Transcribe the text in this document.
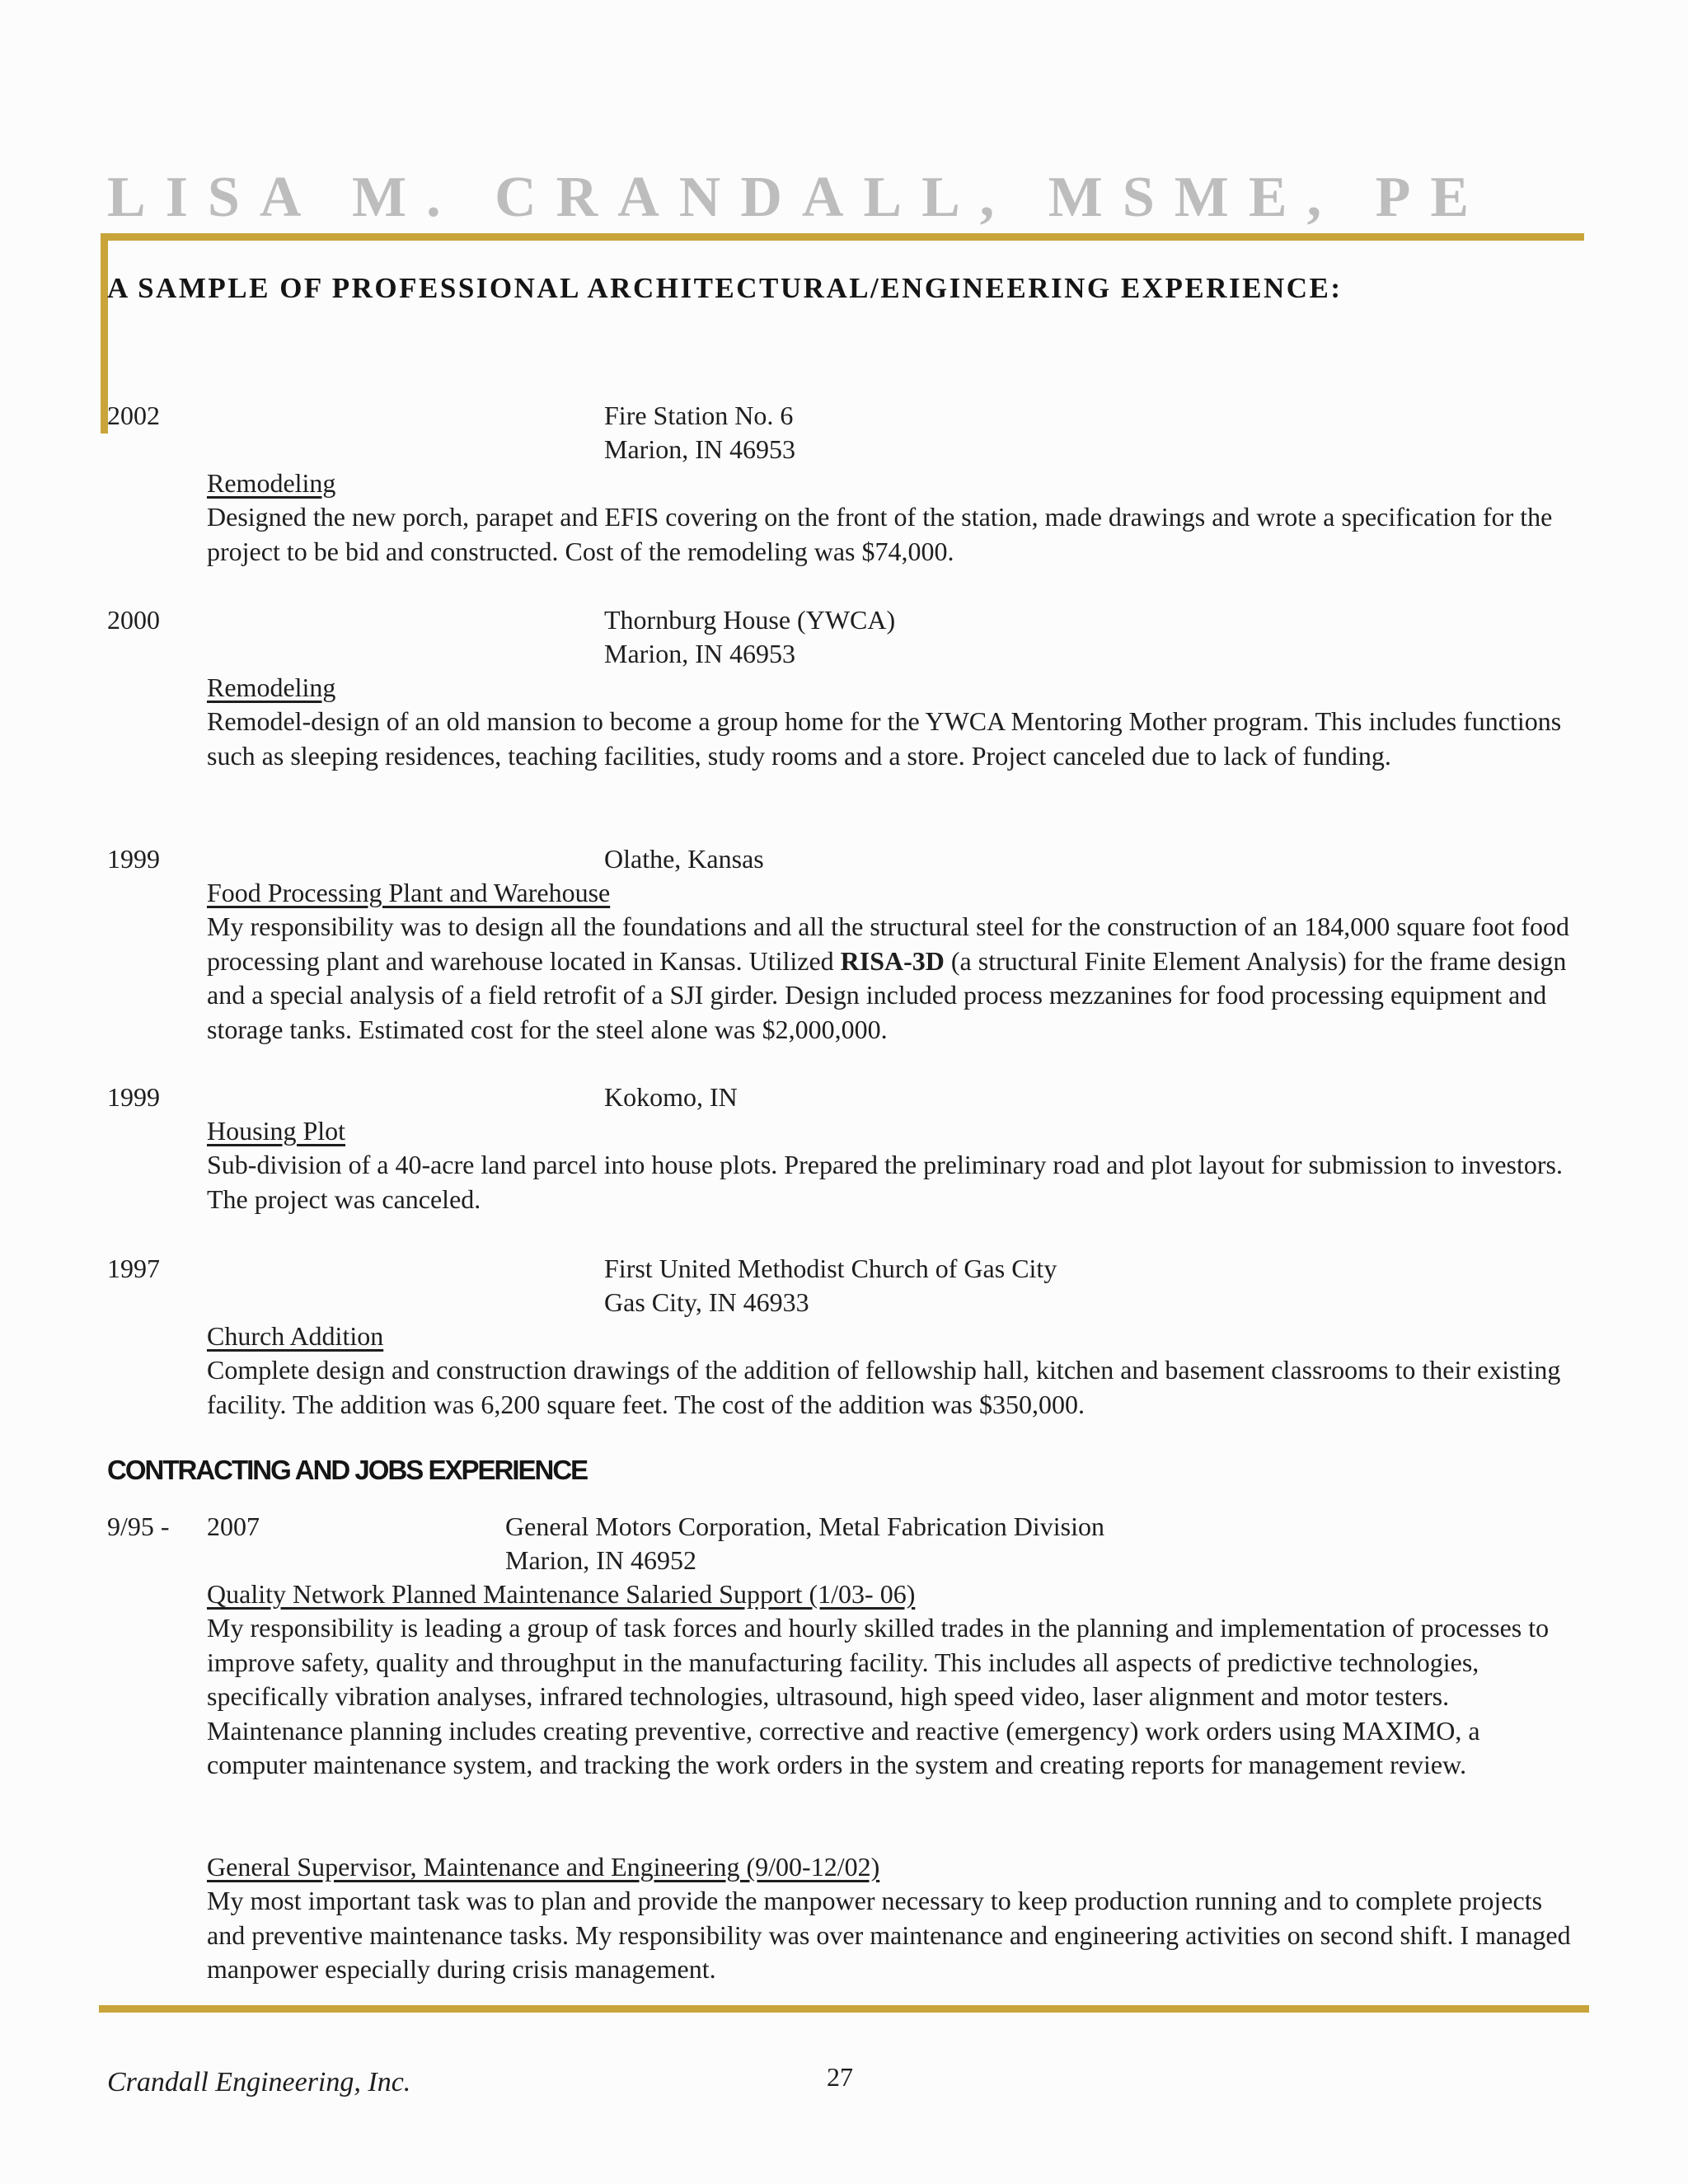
LISA M. CRANDALL, MSME, PE
A SAMPLE OF PROFESSIONAL ARCHITECTURAL/ENGINEERING EXPERIENCE:
2002	Fire Station No. 6
Marion, IN 46953
Remodeling
Designed the new porch, parapet and EFIS covering on the front of the station, made drawings and wrote a specification for the project to be bid and constructed. Cost of the remodeling was $74,000.
2000	Thornburg House (YWCA)
Marion, IN 46953
Remodeling
Remodel-design of an old mansion to become a group home for the YWCA Mentoring Mother program. This includes functions such as sleeping residences, teaching facilities, study rooms and a store. Project canceled due to lack of funding.
1999	Olathe, Kansas
Food Processing Plant and Warehouse
My responsibility was to design all the foundations and all the structural steel for the construction of an 184,000 square foot food processing plant and warehouse located in Kansas. Utilized RISA-3D (a structural Finite Element Analysis) for the frame design and a special analysis of a field retrofit of a SJI girder. Design included process mezzanines for food processing equipment and storage tanks. Estimated cost for the steel alone was $2,000,000.
1999	Kokomo, IN
Housing Plot
Sub-division of a 40-acre land parcel into house plots. Prepared the preliminary road and plot layout for submission to investors. The project was canceled.
1997	First United Methodist Church of Gas City
Gas City, IN 46933
Church Addition
Complete design and construction drawings of the addition of fellowship hall, kitchen and basement classrooms to their existing facility. The addition was 6,200 square feet. The cost of the addition was $350,000.
CONTRACTING AND JOBS EXPERIENCE
9/95 - 2007	General Motors Corporation, Metal Fabrication Division
Marion, IN 46952
Quality Network Planned Maintenance Salaried Support (1/03- 06)
My responsibility is leading a group of task forces and hourly skilled trades in the planning and implementation of processes to improve safety, quality and throughput in the manufacturing facility. This includes all aspects of predictive technologies, specifically vibration analyses, infrared technologies, ultrasound, high speed video, laser alignment and motor testers. Maintenance planning includes creating preventive, corrective and reactive (emergency) work orders using MAXIMO, a computer maintenance system, and tracking the work orders in the system and creating reports for management review.
General Supervisor, Maintenance and Engineering (9/00-12/02)
My most important task was to plan and provide the manpower necessary to keep production running and to complete projects and preventive maintenance tasks. My responsibility was over maintenance and engineering activities on second shift. I managed manpower especially during crisis management.
Crandall Engineering, Inc.	27
